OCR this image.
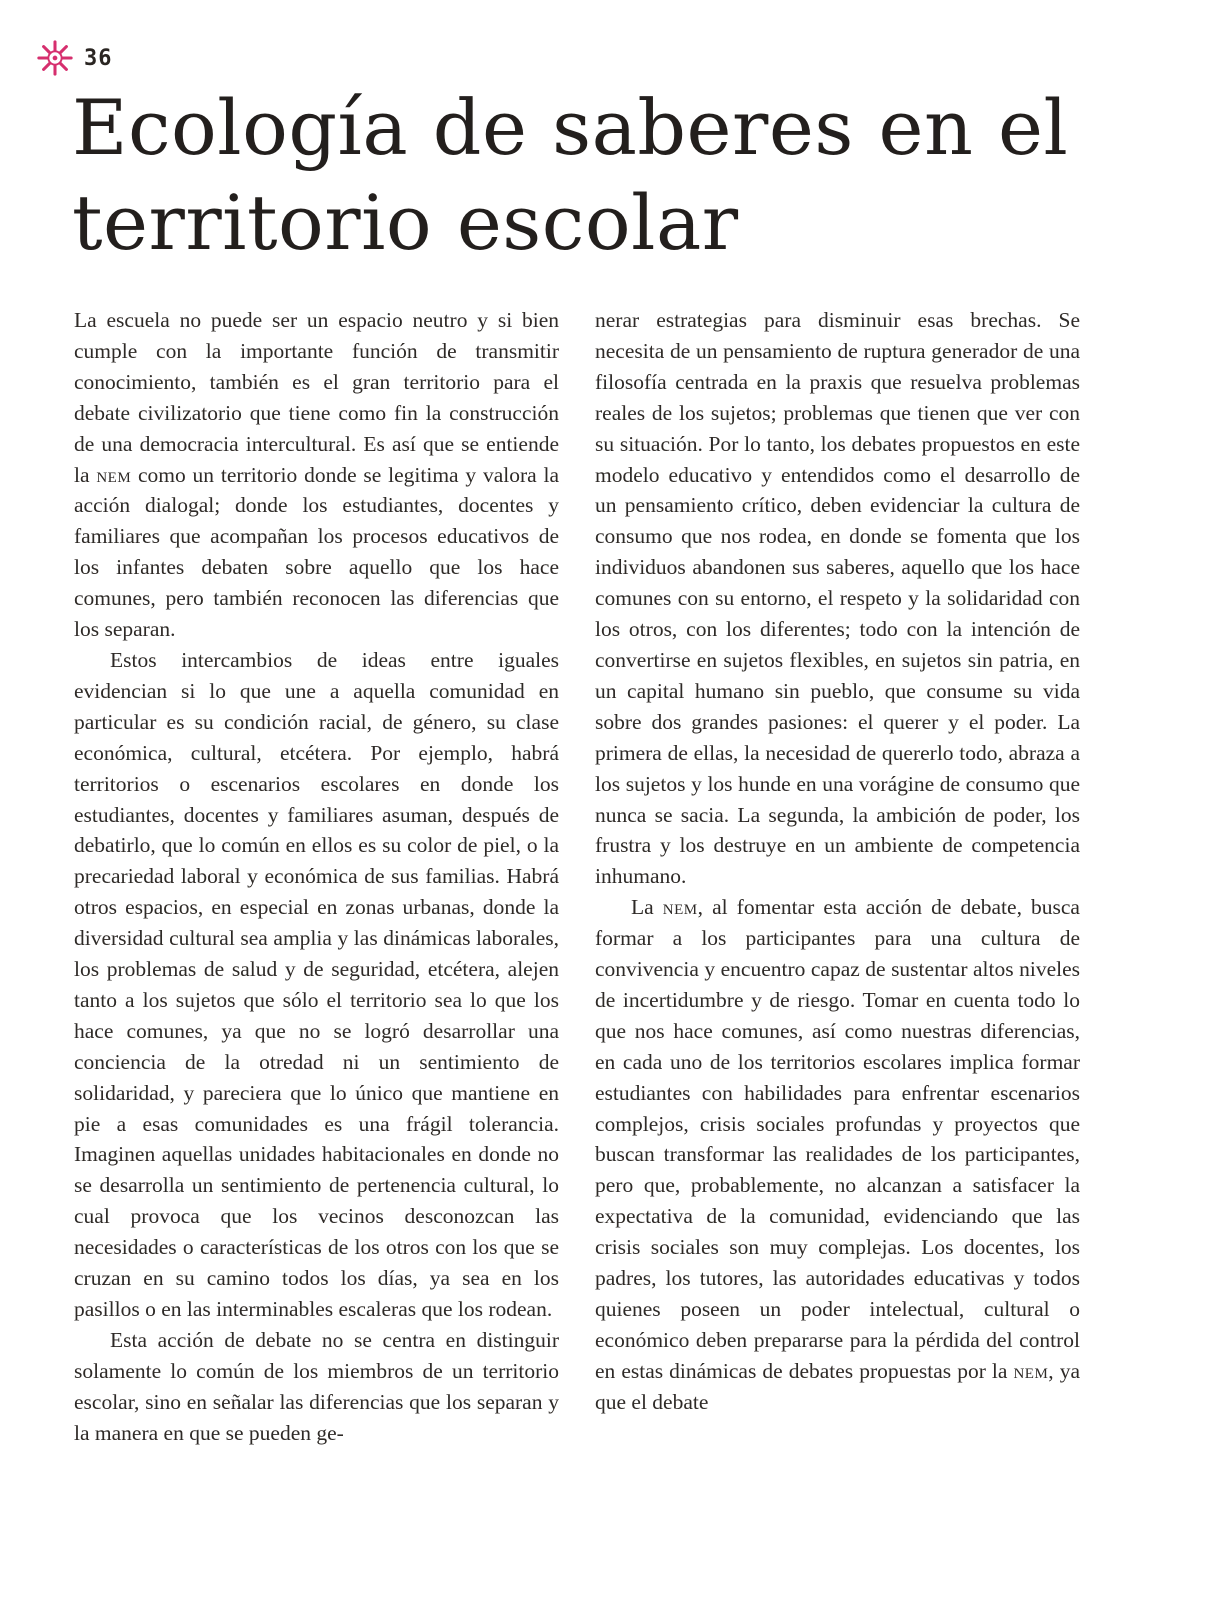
36
Ecología de saberes en el territorio escolar

La escuela no puede ser un espacio neutro y si bien cumple con la importante función de transmitir conocimiento, también es el gran territorio para el debate civilizatorio que tiene como fin la construcción de una democracia intercultural. Es así que se entiende la nem como un territorio donde se legitima y valora la acción dialogal; donde los estudiantes, docentes y familiares que acompañan los procesos educativos de los infantes debaten sobre aquello que los hace comunes, pero también reconocen las diferencias que los separan.

Estos intercambios de ideas entre iguales evidencian si lo que une a aquella comunidad en particular es su condición racial, de género, su clase económica, cultural, etcétera. Por ejemplo, habrá territorios o escenarios escolares en donde los estudiantes, docentes y familiares asuman, después de debatirlo, que lo común en ellos es su color de piel, o la precariedad laboral y económica de sus familias. Habrá otros espacios, en especial en zonas urbanas, donde la diversidad cultural sea amplia y las dinámicas laborales, los problemas de salud y de seguridad, etcétera, alejen tanto a los sujetos que sólo el territorio sea lo que los hace comunes, ya que no se logró desarrollar una conciencia de la otredad ni un sentimiento de solidaridad, y pareciera que lo único que mantiene en pie a esas comunidades es una frágil tolerancia. Imaginen aquellas unidades habitacionales en donde no se desarrolla un sentimiento de pertenencia cultural, lo cual provoca que los vecinos desconozcan las necesidades o características de los otros con los que se cruzan en su camino todos los días, ya sea en los pasillos o en las interminables escaleras que los rodean.

Esta acción de debate no se centra en distinguir solamente lo común de los miembros de un territorio escolar, sino en señalar las diferencias que los separan y la manera en que se pueden ge-

nerar estrategias para disminuir esas brechas. Se necesita de un pensamiento de ruptura generador de una filosofía centrada en la praxis que resuelva problemas reales de los sujetos; problemas que tienen que ver con su situación. Por lo tanto, los debates propuestos en este modelo educativo y entendidos como el desarrollo de un pensamiento crítico, deben evidenciar la cultura de consumo que nos rodea, en donde se fomenta que los individuos abandonen sus saberes, aquello que los hace comunes con su entorno, el respeto y la solidaridad con los otros, con los diferentes; todo con la intención de convertirse en sujetos flexibles, en sujetos sin patria, en un capital humano sin pueblo, que consume su vida sobre dos grandes pasiones: el querer y el poder. La primera de ellas, la necesidad de quererlo todo, abraza a los sujetos y los hunde en una vorágine de consumo que nunca se sacia. La segunda, la ambición de poder, los frustra y los destruye en un ambiente de competencia inhumano.

La nem, al fomentar esta acción de debate, busca formar a los participantes para una cultura de convivencia y encuentro capaz de sustentar altos niveles de incertidumbre y de riesgo. Tomar en cuenta todo lo que nos hace comunes, así como nuestras diferencias, en cada uno de los territorios escolares implica formar estudiantes con habilidades para enfrentar escenarios complejos, crisis sociales profundas y proyectos que buscan transformar las realidades de los participantes, pero que, probablemente, no alcanzan a satisfacer la expectativa de la comunidad, evidenciando que las crisis sociales son muy complejas. Los docentes, los padres, los tutores, las autoridades educativas y todos quienes poseen un poder intelectual, cultural o económico deben prepararse para la pérdida del control en estas dinámicas de debates propuestas por la nem, ya que el debate
